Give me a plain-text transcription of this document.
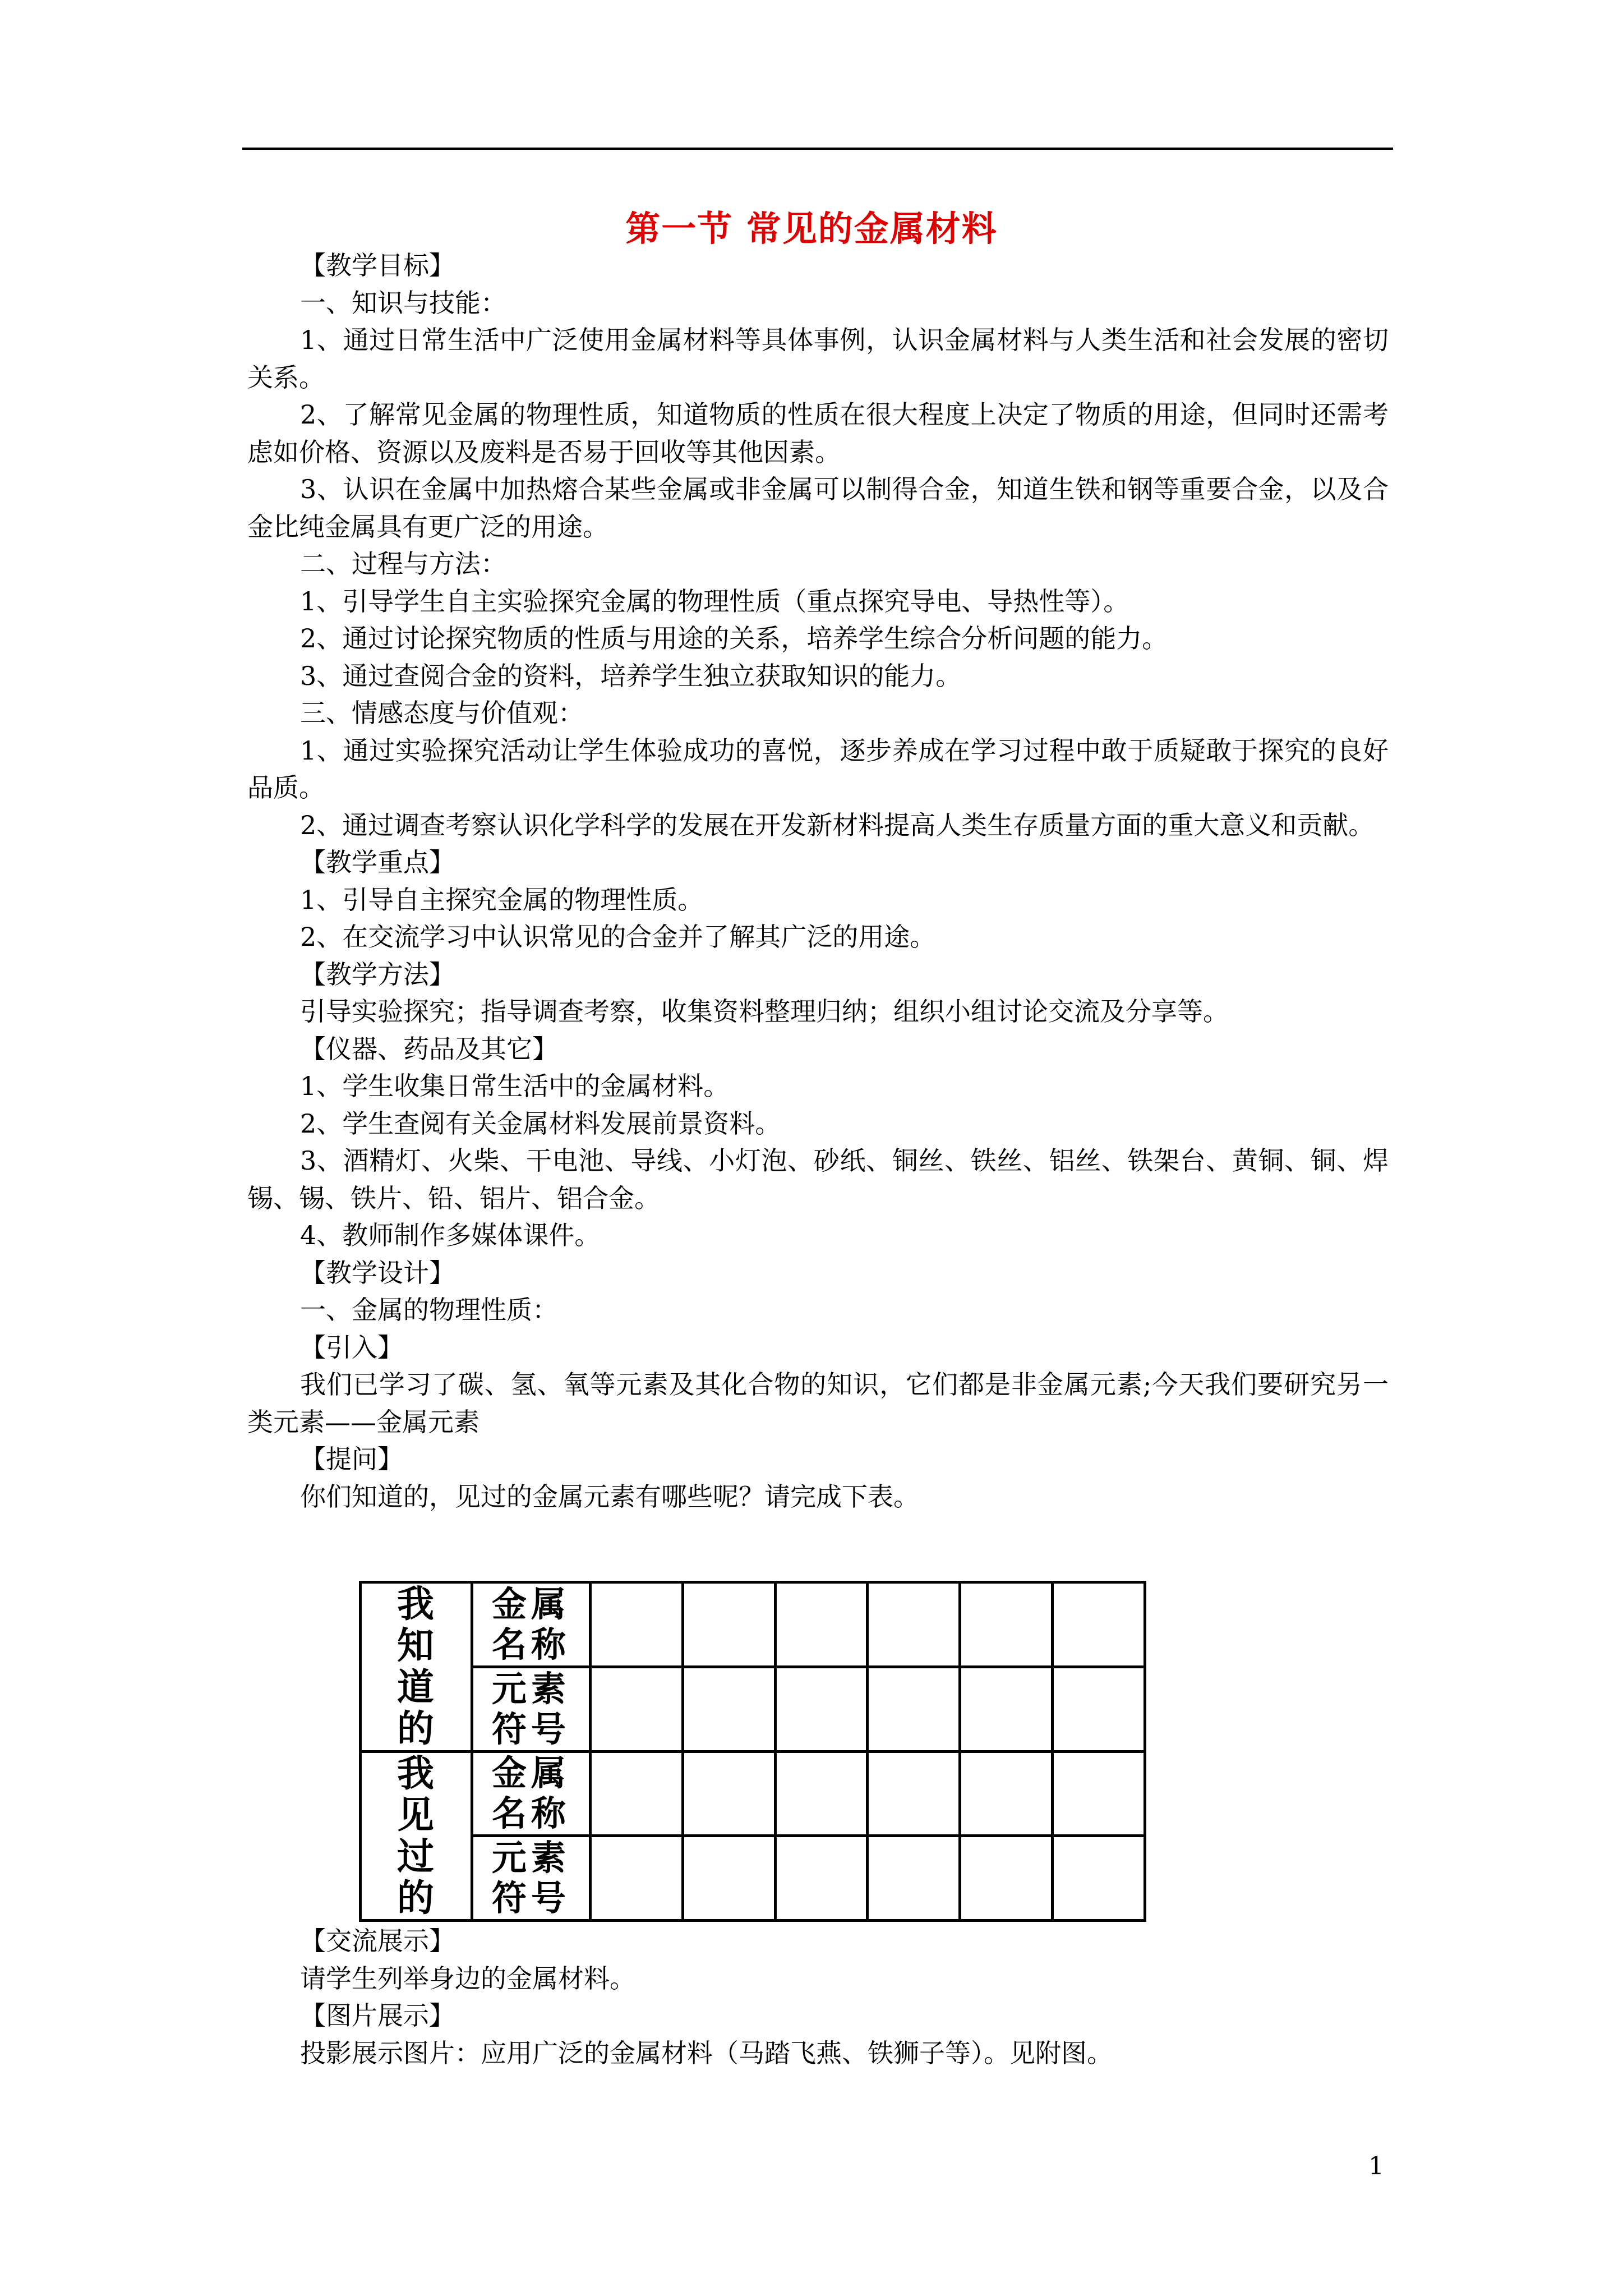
第一节 常见的金属材料

【教学目标】

一、知识与技能：

1、通过日常生活中广泛使用金属材料等具体事例，认识金属材料与人类生活和社会发展的密切关系。

2、了解常见金属的物理性质，知道物质的性质在很大程度上决定了物质的用途，但同时还需考虑如价格、资源以及废料是否易于回收等其他因素。

3、认识在金属中加热熔合某些金属或非金属可以制得合金，知道生铁和钢等重要合金，以及合金比纯金属具有更广泛的用途。

二、过程与方法：

1、引导学生自主实验探究金属的物理性质（重点探究导电、导热性等）。

2、通过讨论探究物质的性质与用途的关系，培养学生综合分析问题的能力。

3、通过查阅合金的资料，培养学生独立获取知识的能力。

三、情感态度与价值观：

1、通过实验探究活动让学生体验成功的喜悦，逐步养成在学习过程中敢于质疑敢于探究的良好品质。

2、通过调查考察认识化学科学的发展在开发新材料提高人类生存质量方面的重大意义和贡献。

【教学重点】

1、引导自主探究金属的物理性质。

2、在交流学习中认识常见的合金并了解其广泛的用途。

【教学方法】

引导实验探究；指导调查考察，收集资料整理归纳；组织小组讨论交流及分享等。

【仪器、药品及其它】

1、学生收集日常生活中的金属材料。

2、学生查阅有关金属材料发展前景资料。

3、酒精灯、火柴、干电池、导线、小灯泡、砂纸、铜丝、铁丝、铝丝、铁架台、黄铜、铜、焊锡、锡、铁片、铅、铝片、铝合金。

4、教师制作多媒体课件。

【教学设计】

一、金属的物理性质：

【引入】

我们已学习了碳、氢、氧等元素及其化合物的知识，它们都是非金属元素;今天我们要研究另一类元素——金属元素

【提问】

你们知道的，见过的金属元素有哪些呢？请完成下表。

我知道的	金属名称						
	元素符号						
我见过的	金属名称						
	元素符号						

【交流展示】

请学生列举身边的金属材料。

【图片展示】

投影展示图片：应用广泛的金属材料（马踏飞燕、铁狮子等）。见附图。

1
